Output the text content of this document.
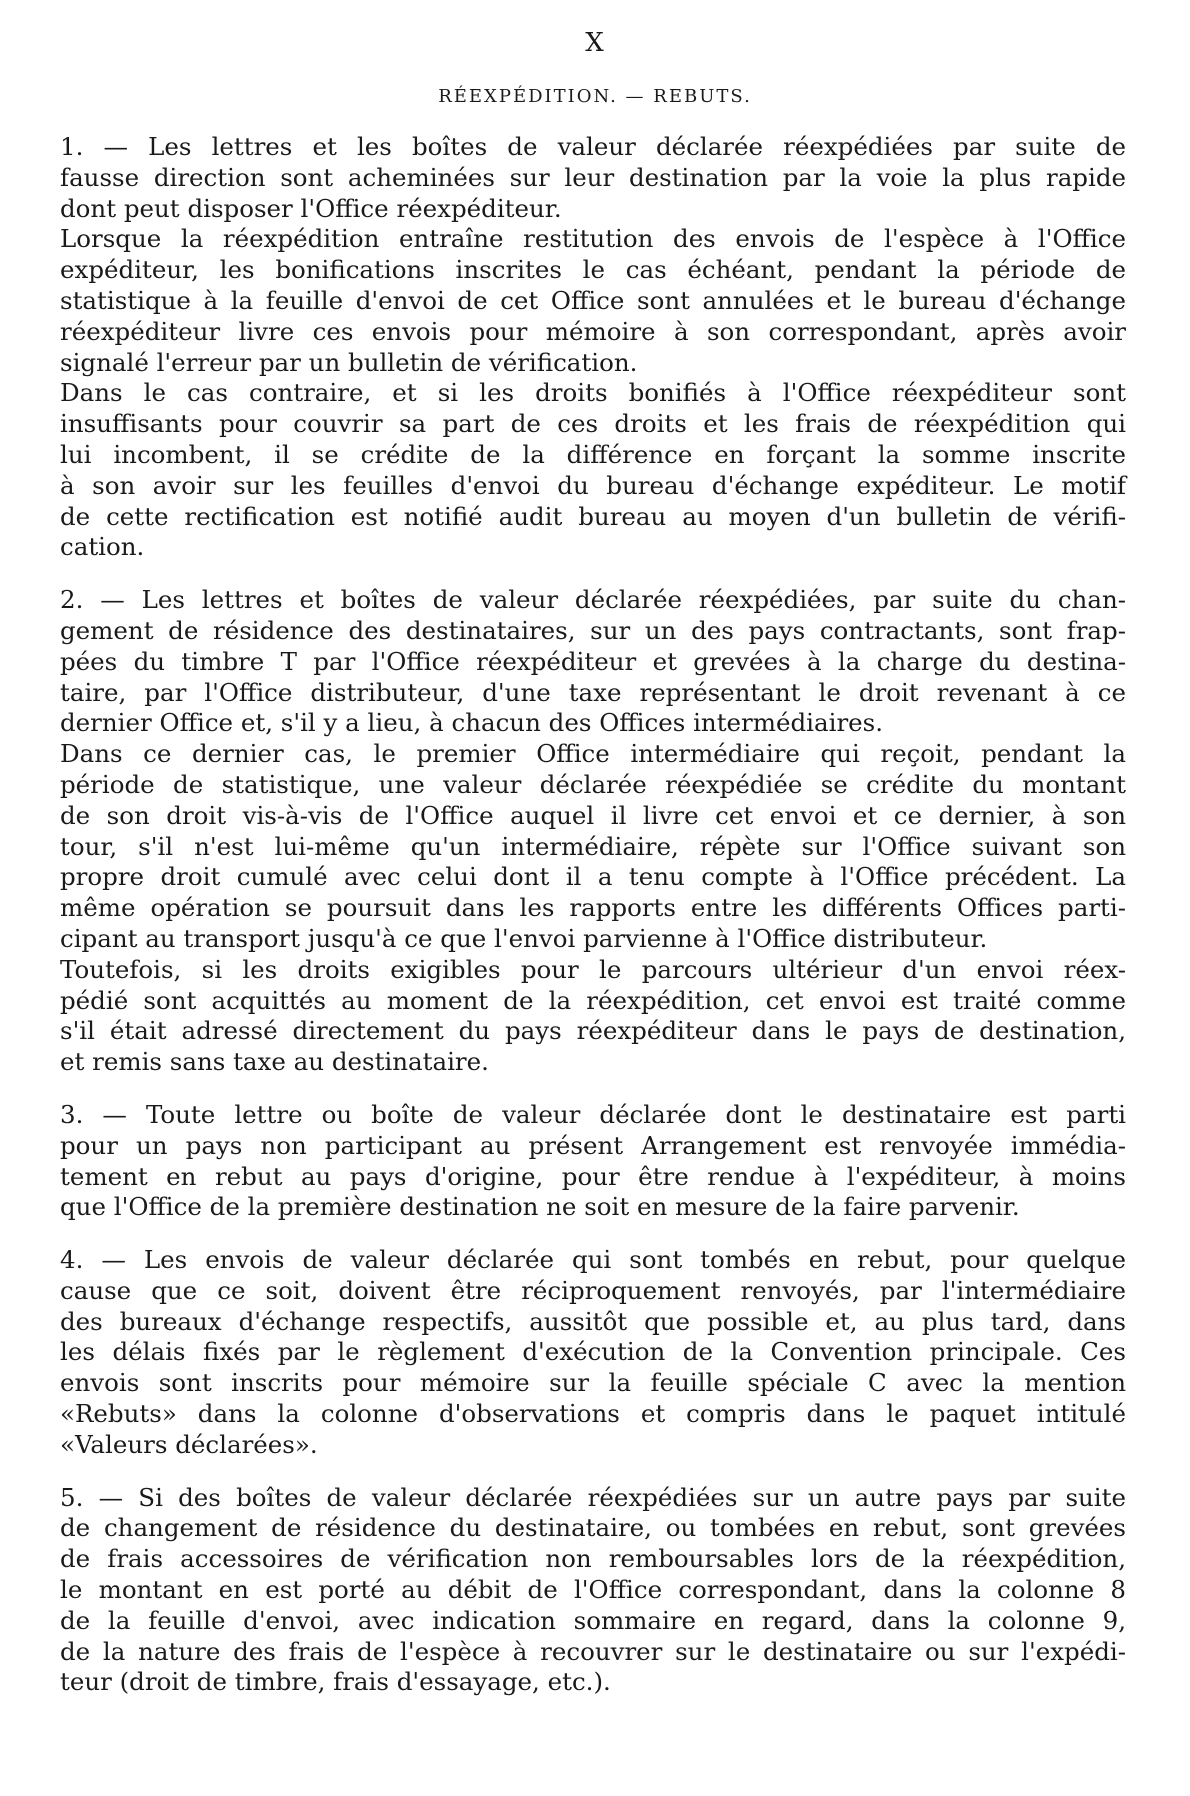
X
RÉEXPÉDITION. — REBUTS.
1. — Les lettres et les boîtes de valeur déclarée réexpédiées par suite de
fausse direction sont acheminées sur leur destination par la voie la plus rapide
dont peut disposer l'Office réexpéditeur.
Lorsque la réexpédition entraîne restitution des envois de l'espèce à l'Office
expéditeur, les bonifications inscrites le cas échéant, pendant la période de
statistique à la feuille d'envoi de cet Office sont annulées et le bureau d'échange
réexpéditeur livre ces envois pour mémoire à son correspondant, après avoir
signalé l'erreur par un bulletin de vérification.
Dans le cas contraire, et si les droits bonifiés à l'Office réexpéditeur sont
insuffisants pour couvrir sa part de ces droits et les frais de réexpédition qui
lui incombent, il se crédite de la différence en forçant la somme inscrite
à son avoir sur les feuilles d'envoi du bureau d'échange expéditeur. Le motif
de cette rectification est notifié audit bureau au moyen d'un bulletin de vérifi-
cation.
2. — Les lettres et boîtes de valeur déclarée réexpédiées, par suite du chan-
gement de résidence des destinataires, sur un des pays contractants, sont frap-
pées du timbre T par l'Office réexpéditeur et grevées à la charge du destina-
taire, par l'Office distributeur, d'une taxe représentant le droit revenant à ce
dernier Office et, s'il y a lieu, à chacun des Offices intermédiaires.
Dans ce dernier cas, le premier Office intermédiaire qui reçoit, pendant la
période de statistique, une valeur déclarée réexpédiée se crédite du montant
de son droit vis-à-vis de l'Office auquel il livre cet envoi et ce dernier, à son
tour, s'il n'est lui-même qu'un intermédiaire, répète sur l'Office suivant son
propre droit cumulé avec celui dont il a tenu compte à l'Office précédent. La
même opération se poursuit dans les rapports entre les différents Offices parti-
cipant au transport jusqu'à ce que l'envoi parvienne à l'Office distributeur.
Toutefois, si les droits exigibles pour le parcours ultérieur d'un envoi réex-
pédié sont acquittés au moment de la réexpédition, cet envoi est traité comme
s'il était adressé directement du pays réexpéditeur dans le pays de destination,
et remis sans taxe au destinataire.
3. — Toute lettre ou boîte de valeur déclarée dont le destinataire est parti
pour un pays non participant au présent Arrangement est renvoyée immédia-
tement en rebut au pays d'origine, pour être rendue à l'expéditeur, à moins
que l'Office de la première destination ne soit en mesure de la faire parvenir.
4. — Les envois de valeur déclarée qui sont tombés en rebut, pour quelque
cause que ce soit, doivent être réciproquement renvoyés, par l'intermédiaire
des bureaux d'échange respectifs, aussitôt que possible et, au plus tard, dans
les délais fixés par le règlement d'exécution de la Convention principale. Ces
envois sont inscrits pour mémoire sur la feuille spéciale C avec la mention
«Rebuts» dans la colonne d'observations et compris dans le paquet intitulé
«Valeurs déclarées».
5. — Si des boîtes de valeur déclarée réexpédiées sur un autre pays par suite
de changement de résidence du destinataire, ou tombées en rebut, sont grevées
de frais accessoires de vérification non remboursables lors de la réexpédition,
le montant en est porté au débit de l'Office correspondant, dans la colonne 8
de la feuille d'envoi, avec indication sommaire en regard, dans la colonne 9,
de la nature des frais de l'espèce à recouvrer sur le destinataire ou sur l'expédi-
teur (droit de timbre, frais d'essayage, etc.).
